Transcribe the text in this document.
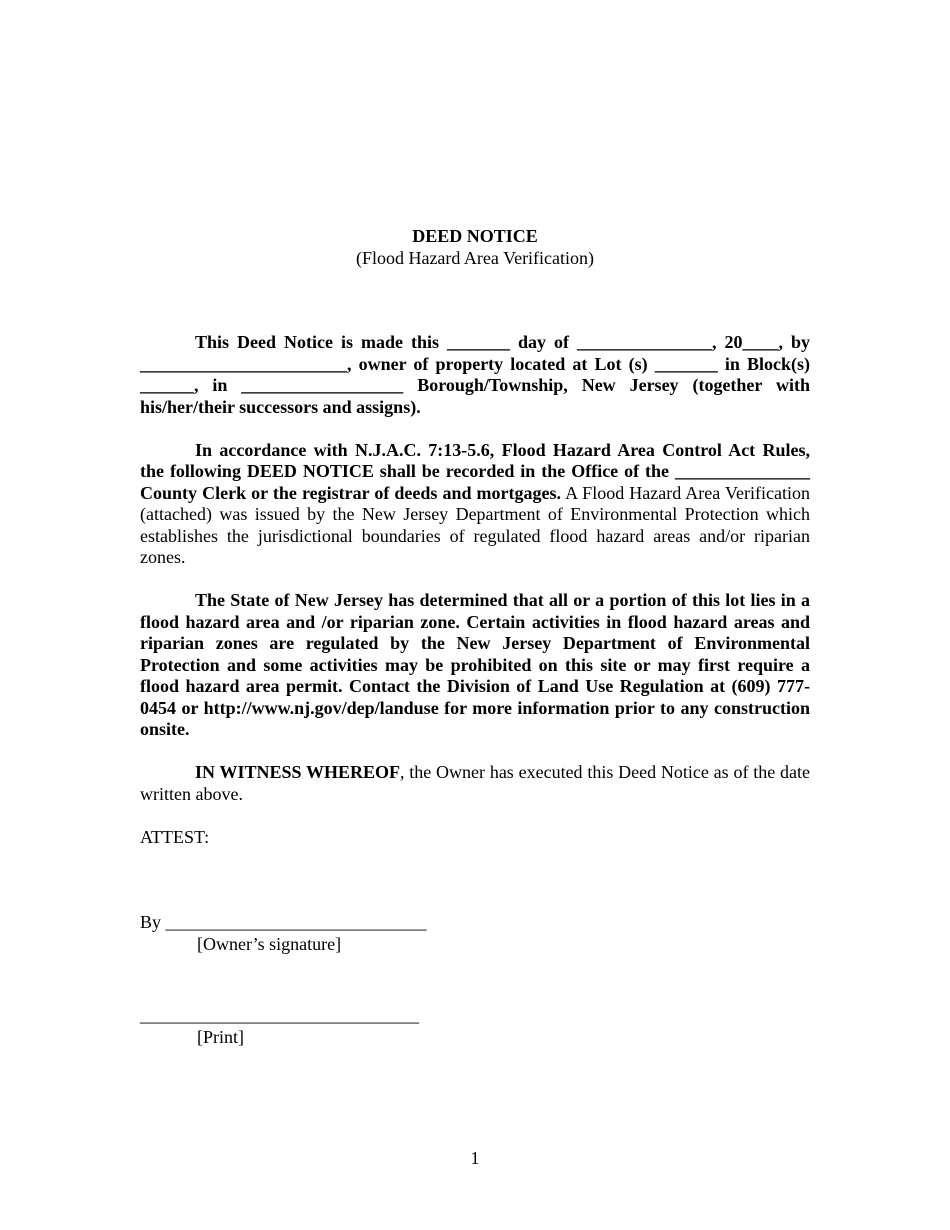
DEED NOTICE
(Flood Hazard Area Verification)

This Deed Notice is made this _______ day of _______________, 20____, by _______________________, owner of property located at Lot (s) _______ in Block(s) ______, in __________________ Borough/Township, New Jersey (together with his/her/their successors and assigns).

In accordance with N.J.A.C. 7:13-5.6, Flood Hazard Area Control Act Rules, the following DEED NOTICE shall be recorded in the Office of the _______________ County Clerk or the registrar of deeds and mortgages. A Flood Hazard Area Verification (attached) was issued by the New Jersey Department of Environmental Protection which establishes the jurisdictional boundaries of regulated flood hazard areas and/or riparian zones.

The State of New Jersey has determined that all or a portion of this lot lies in a flood hazard area and /or riparian zone. Certain activities in flood hazard areas and riparian zones are regulated by the New Jersey Department of Environmental Protection and some activities may be prohibited on this site or may first require a flood hazard area permit. Contact the Division of Land Use Regulation at (609) 777-0454 or http://www.nj.gov/dep/landuse for more information prior to any construction onsite.

IN WITNESS WHEREOF, the Owner has executed this Deed Notice as of the date written above.

ATTEST:
By _____________________________
[Owner’s signature]
_______________________________
[Print]
1
